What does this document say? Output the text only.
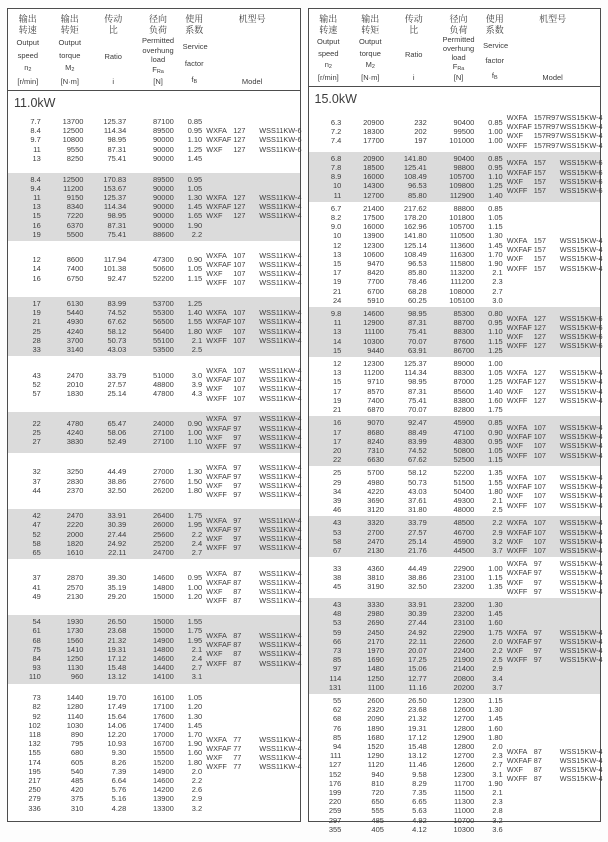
输出
转速
Output
speed
$n_2$
[r/min]
输出
转矩
Output
torque
$M_2$
[N·m]
传动
比
Ratio
i
径向
负荷
Permitted
overhung
load
$F_{Ra}$
[N]
使用
系数
Service
factor
$f_B$
机型号
Model
11.0kW
7.7	13700	125.37	87100	0.85
8.4	12500	114.34	89500	0.95
9.7	10800	98.95	90000	1.10
11	9550	87.31	90000	1.25
13	8250	75.41	90000	1.45
WXFA 127	WSS11KW-6
WXFAF 127	WSS11KW-6
WXF	127	WSS11KW-6
8.4	12500	170.83	89500	0.95
9.4	11200	153.67	90000	1.05
11	9150	125.37	90000	1.30
13	8340	114.34	90000	1.45
15	7220	98.95	90000	1.65
16	6370	87.31	90000	1.90
19	5500	75.41	88600	2.2
WXFA 127	WSS11KW-4
WXFAF 127	WSS11KW-4
WXF	127	WSS11KW-4
12	8600	117.94	47300	0.90
14	7400	101.38	50600	1.05
16	6750	92.47	52200	1.15
WXFA 107	WSS11KW-4
WXFAF 107	WSS11KW-4
WXF	107	WSS11KW-4
WXFF 107	WSS11KW-4
17	6130	83.99	53700	1.25
19	5440	74.52	55300	1.40
21	4930	67.62	56500	1.55
25	4240	58.12	56400	1.80
28	3700	50.73	55100	2.1
33	3140	43.03	53500	2.5
WXFA 107	WSS11KW-4
WXFAF 107	WSS11KW-4
WXF	107	WSS11KW-4
WXFF 107	WSS11KW-4
43	2470	33.79	51000	3.0
52	2010	27.57	48800	3.9
57	1830	25.14	47800	4.3
WXFA 107	WSS11KW-4
WXFAF 107	WSS11KW-4
WXF	107	WSS11KW-4
WXFF 107	WSS11KW-4
22	4780	65.47	24000	0.90
25	4240	58.06	27100	1.00
27	3830	52.49	27100	1.10
WXFA 97	WSS11KW-4
WXFAF 97	WSS11KW-4
WXF	97	WSS11KW-4
WXFF 97	WSS11KW-4
32	3250	44.49	27000	1.30
37	2830	38.86	27600	1.50
44	2370	32.50	26200	1.80
WXFA 97	WSS11KW-4
WXFAF 97	WSS11KW-4
WXF	97	WSS11KW-4
WXFF 97	WSS11KW-4
42	2470	33.91	26400	1.75
47	2220	30.39	26000	1.95
52	2000	27.44	25600	2.2
58	1820	24.92	25200	2.4
65	1610	22.11	24700	2.7
WXFA 97	WSS11KW-4
WXFAF 97	WSS11KW-4
WXF	97	WSS11KW-4
WXFF 97	WSS11KW-4
37	2870	39.30	14600	0.95
41	2570	35.19	14800	1.00
49	2130	29.20	15000	1.20
WXFA 87	WSS11KW-4
WXFAF 87	WSS11KW-4
WXF	87	WSS11KW-4
WXFF 87	WSS11KW-4
54	1930	26.50	15000	1.55
61	1730	23.68	15000	1.75
68	1560	21.32	14900	1.95
75	1410	19.31	14800	2.1
84	1250	17.12	14600	2.4
93	1130	15.48	14400	2.7
110	960	13.12	14100	3.1
WXFA 87	WSS11KW-4
WXFAF 87	WSS11KW-4
WXF	87	WSS11KW-4
WXFF 87	WSS11KW-4
73	1440	19.70	16100	1.05
82	1280	17.49	17100	1.20
92	1140	15.64	17600	1.30
102	1030	14.06	17400	1.45
118	890	12.20	17000	1.70
132	795	10.93	16700	1.90
155	680	9.30	15500	1.60
174	605	8.26	15200	1.80
195	540	7.39	14900	2.0
217	485	6.64	14600	2.2
250	420	5.76	14200	2.6
279	375	5.16	13900	2.9
336	310	4.28	13300	3.2
WXFA 77	WSS11KW-4
WXFAF 77	WSS11KW-4
WXF	77	WSS11KW-4
WXFF 77	WSS11KW-4
输出
转速
Output
speed
$n_2$
[r/min]
输出
转矩
Output
torque
$M_2$
[N·m]
传动
比
Ratio
i
径向
负荷
Permitted
overhung
load
$F_{Ra}$
[N]
使用
系数
Service
factor
$f_B$
机型号
Model
15.0kW
6.3	20900	232	90400	0.85
7.2	18300	202	99500	1.00
7.4	17700	197	101000	1.00
WXFA 157R97 WSS15KW-4
WXFAF 157R97 WSS15KW-4
WXF	157R97 WSS15KW-4
WXFF 157R97 WSS15KW-4
6.8	20900	141.80	90400	0.85
7.8	18500	125.41	98800	0.95
8.9	16000	108.49	105700	1.10
10	14300	96.53	109800	1.25
11	12700	85.80	112900	1.40
WXFA 157	WSS15KW-6
WXFAF 157	WSS15KW-6
WXF	157	WSS15KW-6
WXFF 157	WSS15KW-6
6.7	21400	217.62	88800	0.85
8.2	17500	178.20	101800	1.05
9.0	16000	162.96	105700	1.15
10	13900	141.80	110500	1.30
12	12300	125.14	113600	1.45
13	10600	108.49	116300	1.70
15	9470	96.53	115800	1.90
17	8420	85.80	113200	2.1
19	7700	78.46	111200	2.3
21	6700	68.28	108000	2.7
24	5910	60.25	105100	3.0
WXFA 157	WSS15KW-4
WXFAF 157	WSS15KW-4
WXF	157	WSS15KW-4
WXFF 157	WSS15KW-4
9.8	14600	98.95	85300	0.80
11	12900	87.31	88700	0.95
13	11100	75.41	88300	1.10
14	10300	70.07	87600	1.15
15	9440	63.91	86700	1.25
WXFA 127	WSS15KW-6
WXFAF 127	WSS15KW-6
WXF	127	WSS15KW-6
WXFF 127	WSS15KW-6
12	12300	125.37	89000	1.00
13	11200	114.34	88300	1.05
15	9710	98.95	87000	1.25
17	8570	87.31	85600	1.40
19	7400	75.41	83800	1.60
21	6870	70.07	82800	1.75
WXFA 127	WSS15KW-4
WXFAF 127	WSS15KW-4
WXF	127	WSS15KW-4
WXFF 127	WSS15KW-4
16	9070	92.47	45900	0.85
17	8680	88.49	47100	0.90
17	8240	83.99	48300	0.95
20	7310	74.52	50800	1.05
22	6630	67.62	52500	1.15
WXFA 107	WSS15KW-4
WXFAF 107	WSS15KW-4
WXF	107	WSS15KW-4
WXFF 107	WSS15KW-4
25	5700	58.12	52200	1.35
29	4980	50.73	51500	1.55
34	4220	43.03	50400	1.80
39	3690	37.61	49300	2.1
46	3120	31.80	48000	2.5
WXFA 107	WSS15KW-4
WXFAF 107	WSS15KW-4
WXF	107	WSS15KW-4
WXFF 107	WSS15KW-4
43	3320	33.79	48500	2.2
53	2700	27.57	46700	2.9
58	2470	25.14	45900	3.2
67	2130	21.76	44500	3.7
WXFA 107	WSS15KW-4
WXFAF 107	WSS15KW-4
WXF	107	WSS15KW-4
WXFF 107	WSS15KW-4
33	4360	44.49	22900	1.00
38	3810	38.86	23100	1.15
45	3190	32.50	23200	1.35
WXFA 97	WSS15KW-4
WXFAF 97	WSS15KW-4
WXF	97	WSS15KW-4
WXFF 97	WSS15KW-4
43	3330	33.91	23200	1.30
48	2980	30.39	23200	1.45
53	2690	27.44	23100	1.60
59	2450	24.92	22900	1.75
66	2170	22.11	22600	2.0
73	1970	20.07	22400	2.2
85	1690	17.25	21900	2.5
97	1480	15.06	21400	2.9
114	1250	12.77	20800	3.4
131	1100	11.16	20200	3.7
WXFA 97	WSS15KW-4
WXFAF 97	WSS15KW-4
WXF	97	WSS15KW-4
WXFF 97	WSS15KW-4
55	2600	26.50	12300	1.15
62	2320	23.68	12600	1.30
68	2090	21.32	12700	1.45
76	1890	19.31	12800	1.60
85	1680	17.12	12900	1.80
94	1520	15.48	12800	2.0
111	1290	13.12	12700	2.3
127	1120	11.46	12600	2.7
152	940	9.58	12300	3.1
176	810	8.29	11700	1.90
199	720	7.35	11500	2.1
220	650	6.65	11300	2.3
259	555	5.63	11000	2.8
297	485	4.92	10700	3.2
355	405	4.12	10300	3.6
WXFA 87	WSS15KW-4
WXFAF 87	WSS15KW-4
WXF	87	WSS15KW-4
WXFF 87	WSS15KW-4
